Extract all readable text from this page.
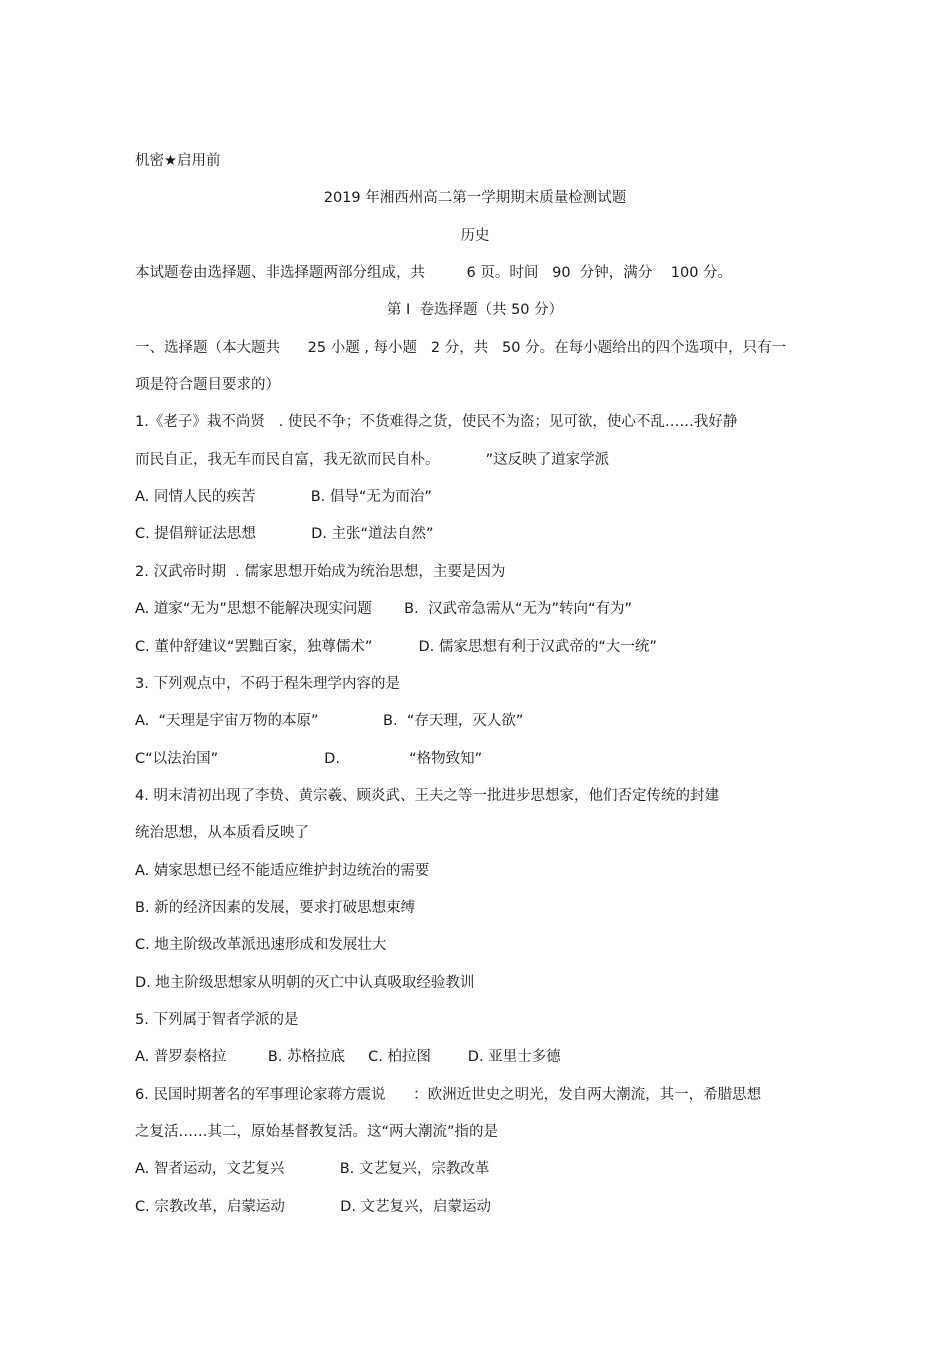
机密★启用前
2019 年湘西州高二第一学期期末质量检测试题
历史
本试题卷由选择题、非选择题两部分组成，共         6 页。时间   90  分钟，满分    100 分。
第 I  卷选择题（共 50 分）
一、选择题（本大题共      25 小题 , 每小题   2 分，共   50 分。在每小题给出的四个选项中，只有一
项是符合题目要求的）
1.《老子》栽不尚贤   . 使民不争；不货难得之货，使民不为盗；见可欲，使心不乱……我好静
而民自正，我无车而民自富，我无欲而民自朴。          ”这反映了道家学派
A. 同情人民的疾苦            B. 倡导“无为而治”
C. 提倡辩证法思想            D. 主张“道法自然”
2. 汉武帝时期  . 儒家思想开始成为统治思想，主要是因为
A. 道家“无为”思想不能解决现实问题       B.  汉武帝急需从“无为”转向“有为”
C. 董仲舒建议“罢黜百家，独尊儒术”          D. 儒家思想有利于汉武帝的“大一统”
3. 下列观点中，不码于程朱理学内容的是
A.  “天理是宇宙万物的本原”              B.  “存天理，灭人欲”
C“以法治国”                       D.               “格物致知”
4. 明末清初出现了李贽、黄宗羲、顾炎武、王夫之等一批进步思想家，他们否定传统的封建
统治思想，从本质看反映了
A. 婧家思想已经不能适应维护封边统治的需要
B. 新的经济因素的发展，要求打破思想束缚
C. 地主阶级改革派迅速形成和发展壮大
D. 地主阶级思想家从明朝的灭亡中认真吸取经验教训
5. 下列属于智者学派的是
A. 普罗泰格拉         B. 苏格拉底     C. 柏拉图        D. 亚里士多德
6. 民国时期著名的军事理论家蒋方震说      ：欧洲近世史之明光，发自两大潮流，其一，希腊思想
之复活……其二，原始基督教复活。这“两大潮流”指的是
A. 智者运动，文艺复兴            B. 文艺复兴，宗教改革
C. 宗教改革，启蒙运动            D. 文艺复兴，启蒙运动
